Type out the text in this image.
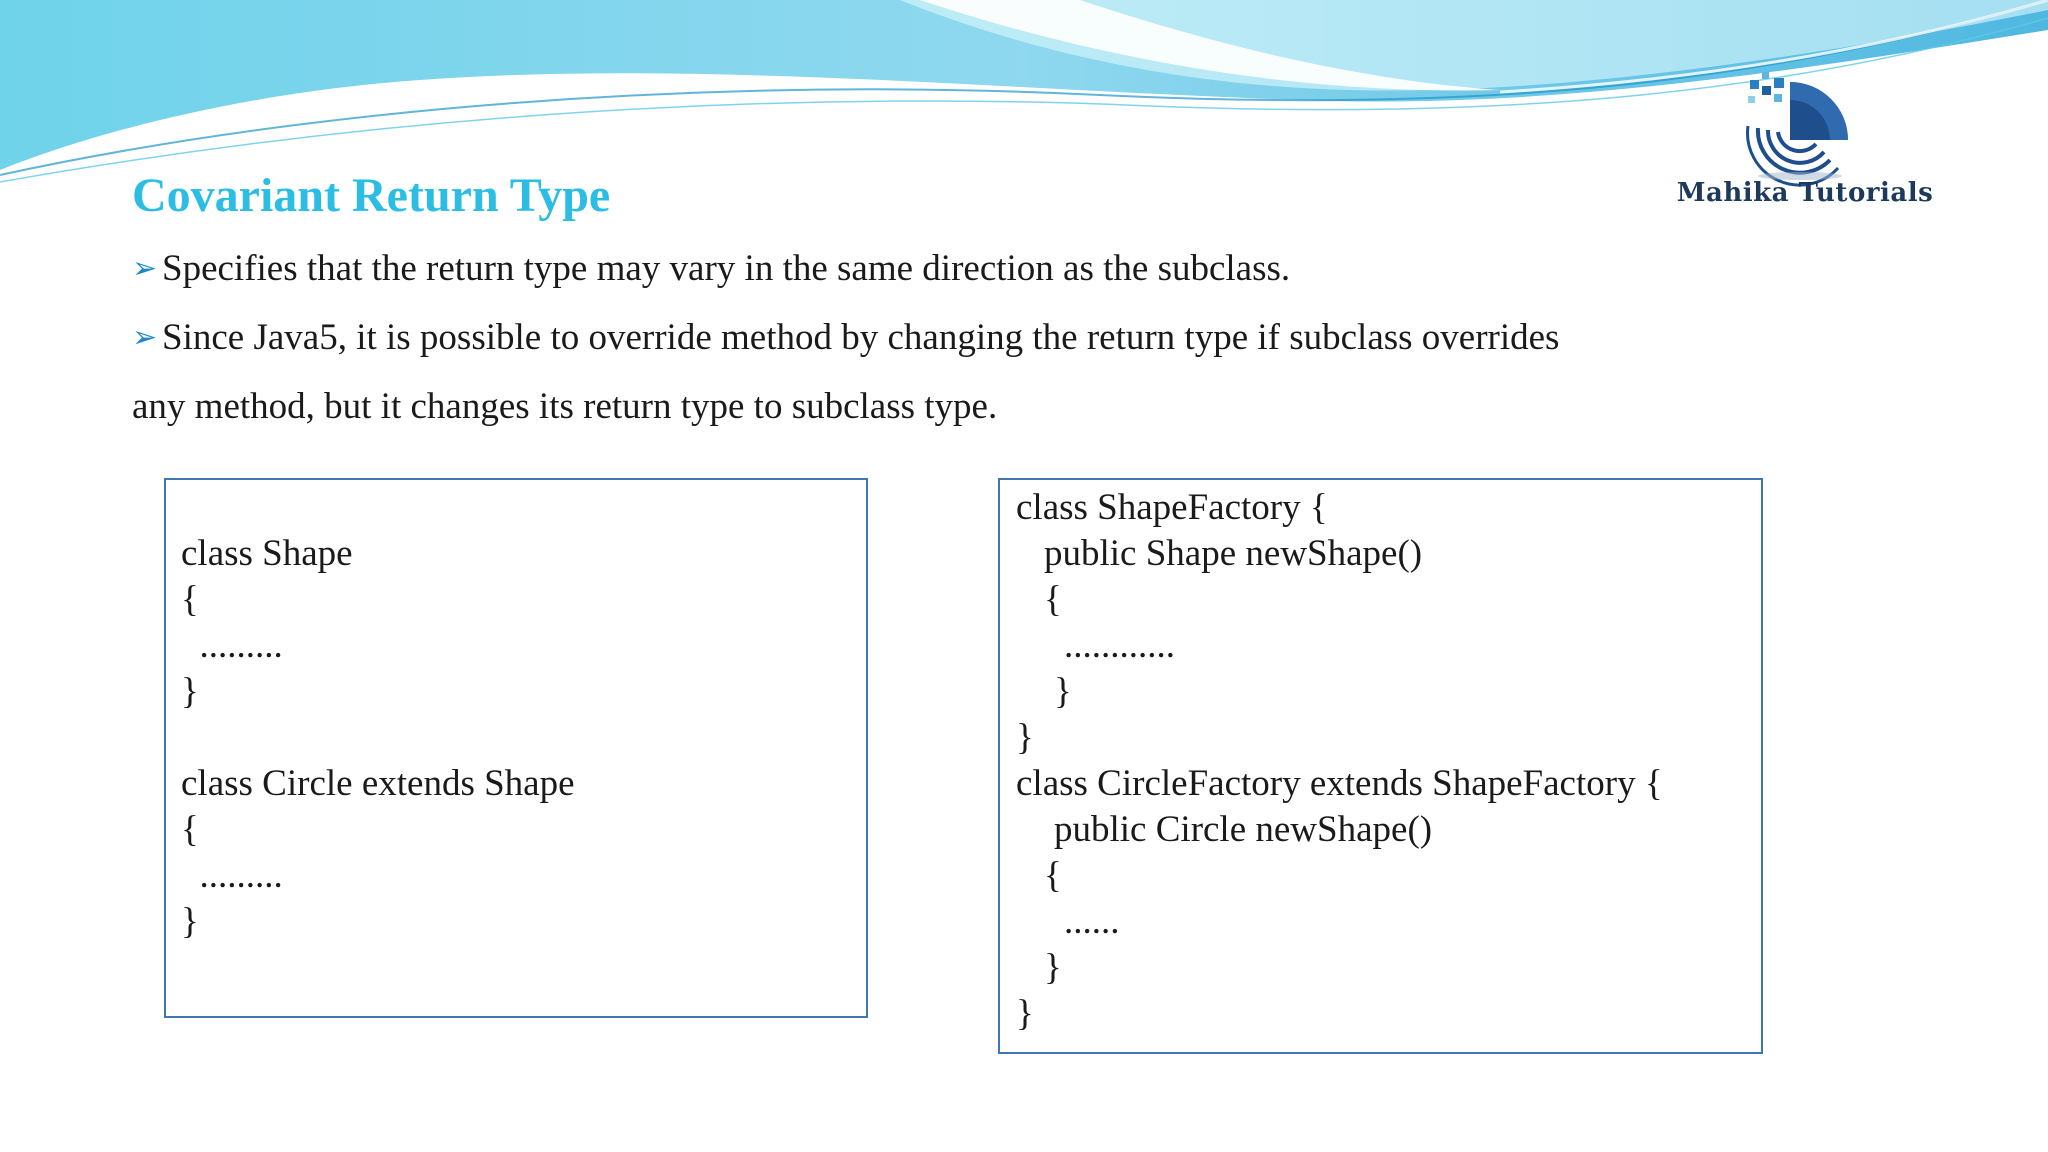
Mahika Tutorials
Covariant Return Type

➢ Specifies that the return type may vary in the same direction as the subclass.

➢ Since Java5, it is possible to override method by changing the return type if subclass overrides

any method, but it changes its return type to subclass type.

class Shape
{
.........
}
class Circle extends Shape
{
.........
}
class ShapeFactory {
public Shape newShape()
{
............
}
}
class CircleFactory extends ShapeFactory {
public Circle newShape()
{
......
}
}
